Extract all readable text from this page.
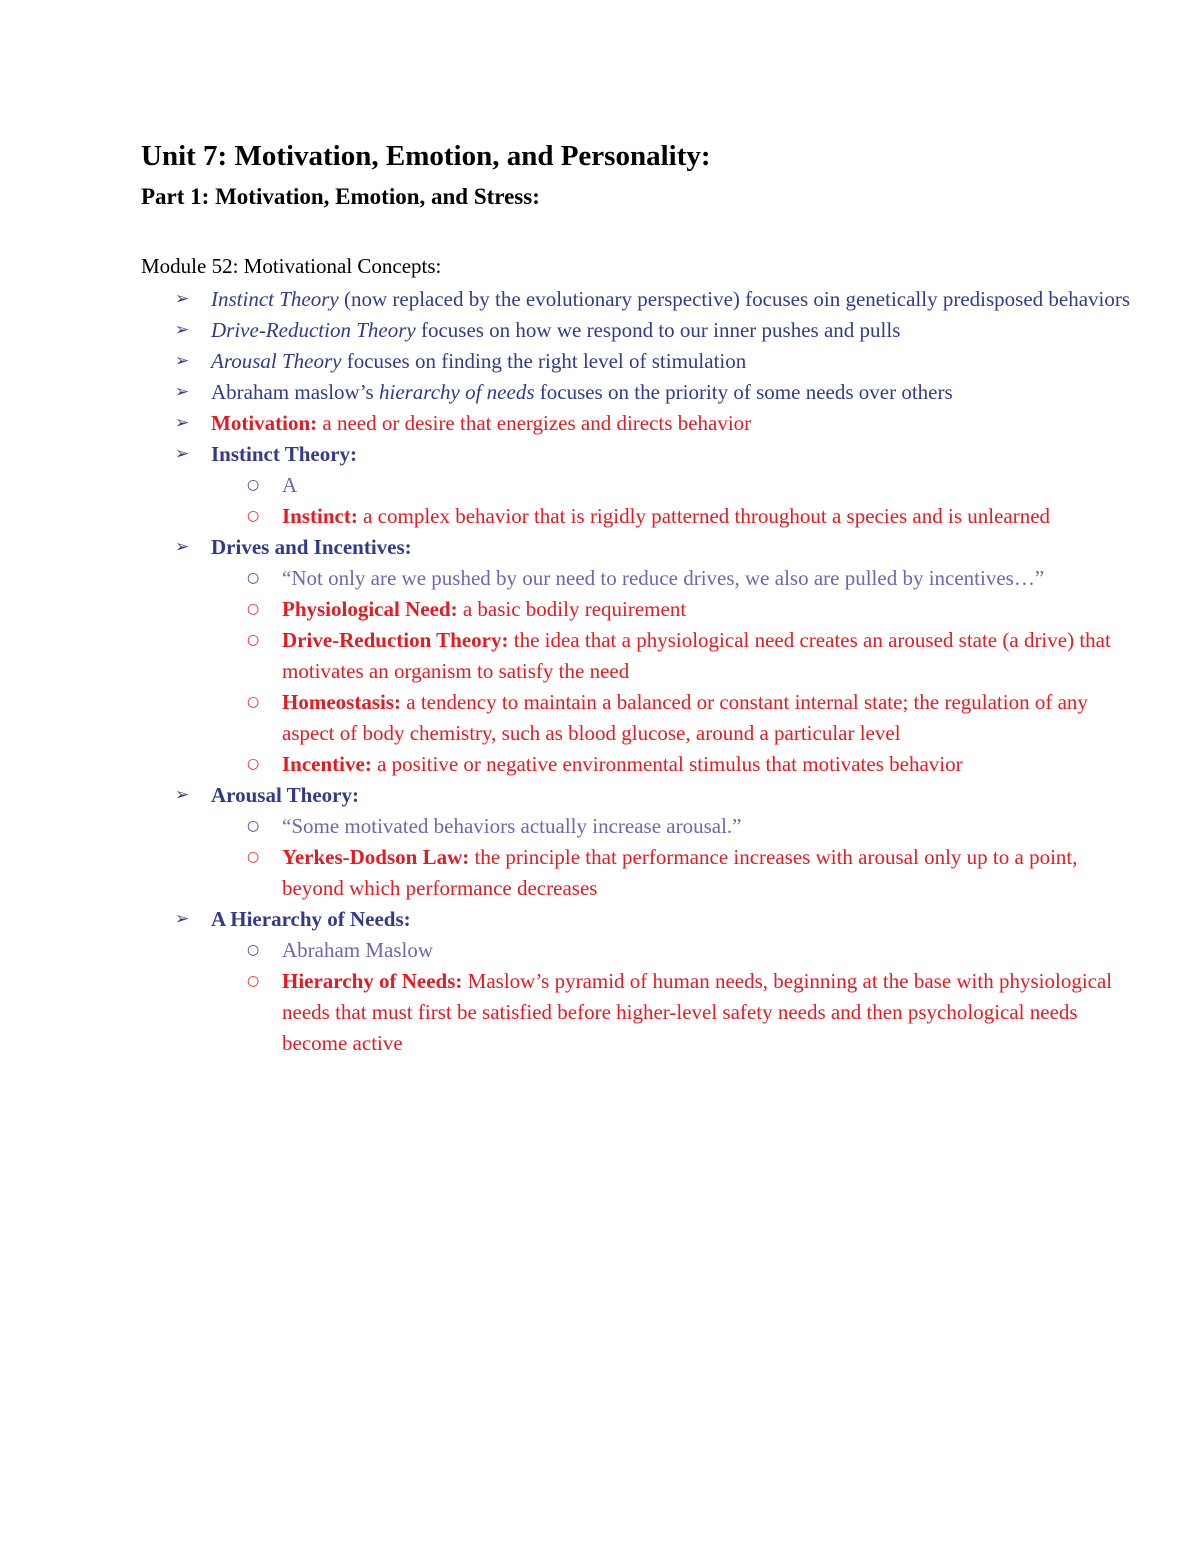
Unit 7: Motivation, Emotion, and Personality:
Part 1: Motivation, Emotion, and Stress:

Module 52: Motivational Concepts:

➢ Instinct Theory (now replaced by the evolutionary perspective) focuses oin genetically predisposed behaviors
➢ Drive-Reduction Theory focuses on how we respond to our inner pushes and pulls
➢ Arousal Theory focuses on finding the right level of stimulation
➢ Abraham maslow’s hierarchy of needs focuses on the priority of some needs over others
➢ Motivation: a need or desire that energizes and directs behavior
➢ Instinct Theory:
○ A
○ Instinct: a complex behavior that is rigidly patterned throughout a species and is unlearned
➢ Drives and Incentives:
○ “Not only are we pushed by our need to reduce drives, we also are pulled by incentives…”
○ Physiological Need: a basic bodily requirement
○ Drive-Reduction Theory: the idea that a physiological need creates an aroused state (a drive) that motivates an organism to satisfy the need
○ Homeostasis: a tendency to maintain a balanced or constant internal state; the regulation of any aspect of body chemistry, such as blood glucose, around a particular level
○ Incentive: a positive or negative environmental stimulus that motivates behavior
➢ Arousal Theory:
○ “Some motivated behaviors actually increase arousal.”
○ Yerkes-Dodson Law: the principle that performance increases with arousal only up to a point, beyond which performance decreases
➢ A Hierarchy of Needs:
○ Abraham Maslow
○ Hierarchy of Needs: Maslow’s pyramid of human needs, beginning at the base with physiological needs that must first be satisfied before higher-level safety needs and then psychological needs become active
